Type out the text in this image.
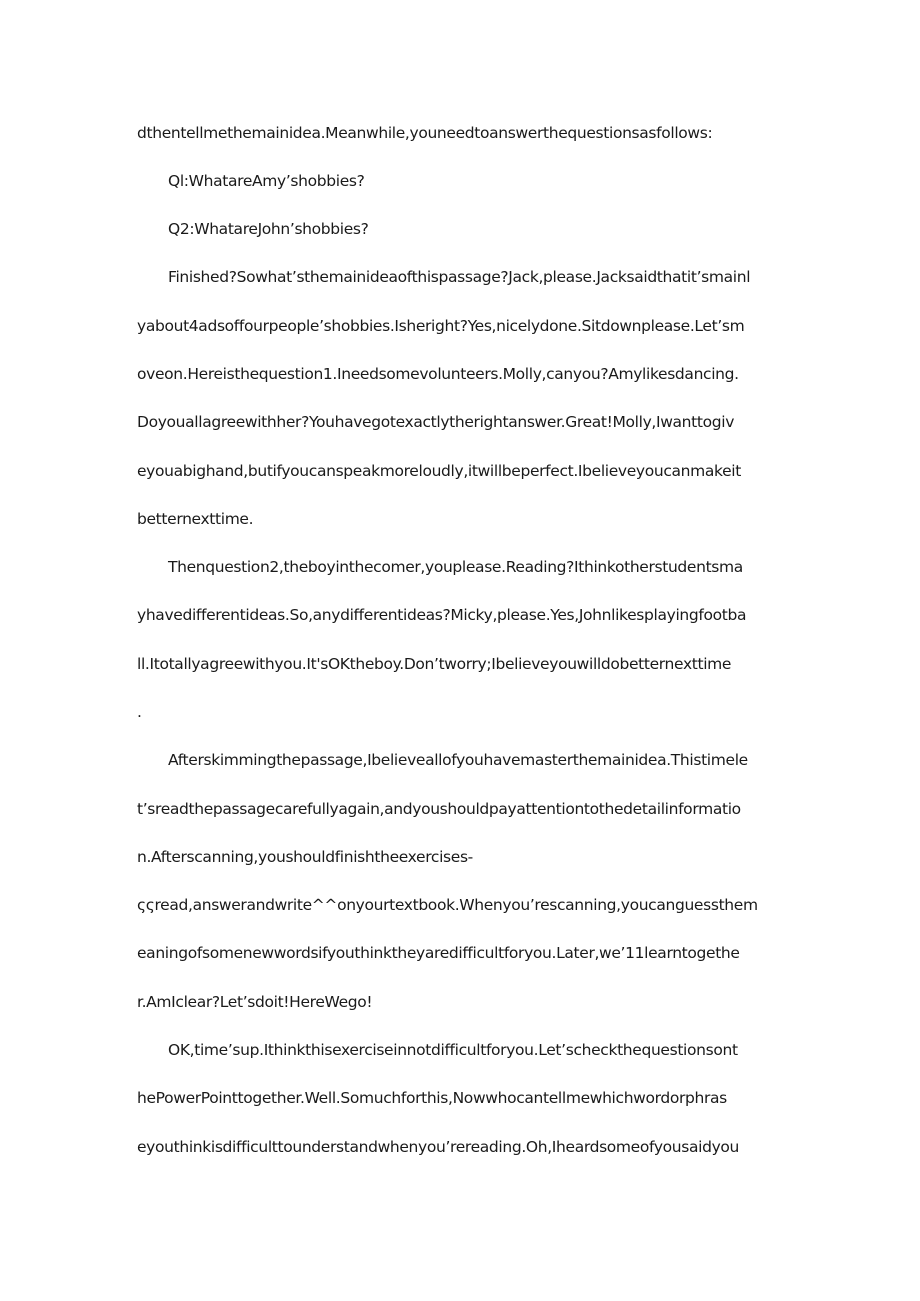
dthentellmethemainidea.Meanwhile,youneedtoanswerthequestionsasfollows:
Ql:WhatareAmy’shobbies?
Q2:WhatareJohn’shobbies?
Finished?Sowhat’sthemainideaofthispassage?Jack,please.Jacksaidthatit’smainl
yabout4adsoffourpeople’shobbies.Isheright?Yes,nicelydone.Sitdownplease.Let’sm
oveon.Hereisthequestion1.Ineedsomevolunteers.Molly,canyou?Amylikesdancing.
Doyouallagreewithher?Youhavegotexactlytherightanswer.Great!Molly,Iwanttogiv
eyouabighand,butifyoucanspeakmoreloudly,itwillbeperfect.Ibelieveyoucanmakeit
betternexttime.
Thenquestion2,theboyinthecomer,youplease.Reading?Ithinkotherstudentsma
yhavedifferentideas.So,anydifferentideas?Micky,please.Yes,Johnlikesplayingfootba
ll.Itotallyagreewithyou.It'sOKtheboy.Don’tworry;Ibelieveyouwilldobetternexttime
.
Afterskimmingthepassage,Ibelieveallofyouhavemasterthemainidea.Thistimele
t’sreadthepassagecarefullyagain,andyoushouldpayattentiontothedetailinformatio
n.Afterscanning,youshouldfinishtheexercises-
ςςread,answerandwrite^^onyourtextbook.Whenyou’rescanning,youcanguessthem
eaningofsomenewwordsifyouthinktheyaredifficultforyou.Later,we’11learntogethe
r.AmIclear?Let’sdoit!HereWego!
OK,time’sup.Ithinkthisexerciseinnotdifficultforyou.Let’scheckthequestionsont
hePowerPointtogether.Well.Somuchforthis,Nowwhocantellmewhichwordorphras
eyouthinkisdifficulttounderstandwhenyou’rereading.Oh,Iheardsomeofyousaidyou
